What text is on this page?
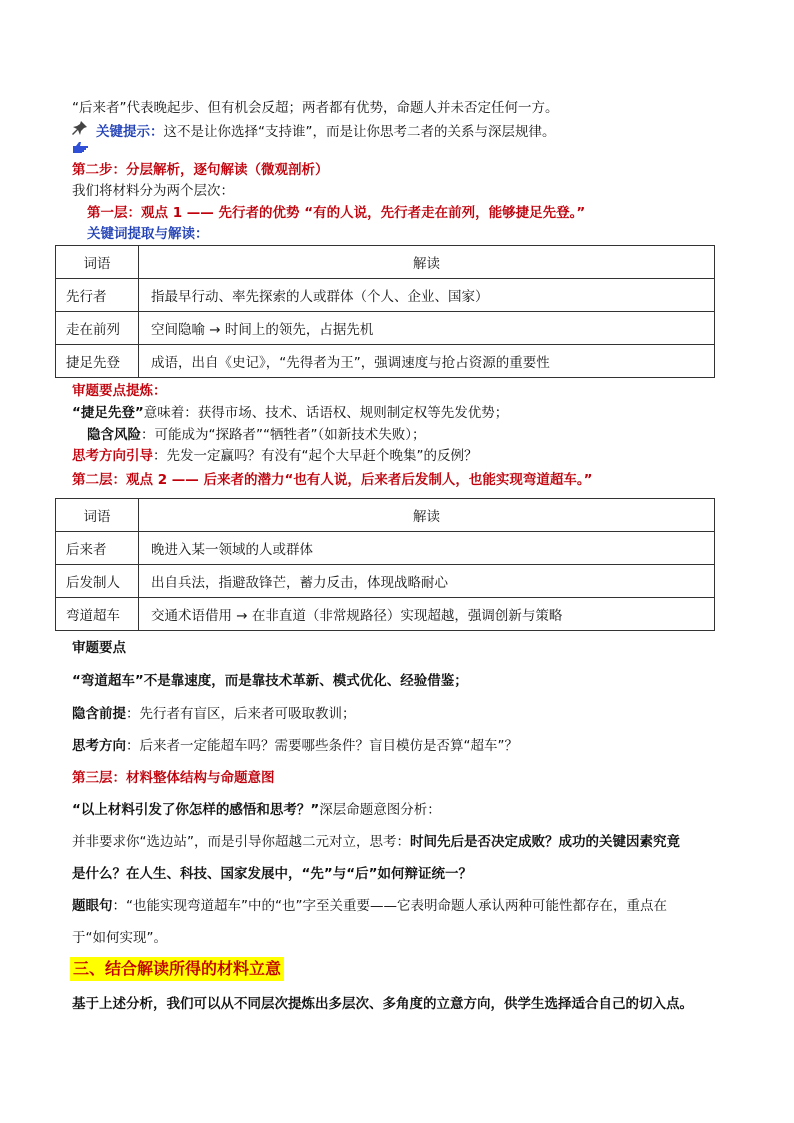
“后来者”代表晚起步、但有机会反超；两者都有优势，命题人并未否定任何一方。
关键提示：这不是让你选择“支持谁”，而是让你思考二者的关系与深层规律。
第二步：分层解析，逐句解读（微观剖析）
我们将材料分为两个层次：
第一层：观点 1 —— 先行者的优势 “有的人说，先行者走在前列，能够捷足先登。”
关键词提取与解读：
词语	解读
先行者	指最早行动、率先探索的人或群体（个人、企业、国家）
走在前列	空间隐喻 → 时间上的领先，占据先机
捷足先登	成语，出自《史记》，“先得者为王”，强调速度与抢占资源的重要性
审题要点提炼：
“捷足先登”意味着：获得市场、技术、话语权、规则制定权等先发优势；
隐含风险：可能成为“探路者”“牺牲者”（如新技术失败）；
思考方向引导：先发一定赢吗？有没有“起个大早赶个晚集”的反例？
第二层：观点 2 —— 后来者的潜力“也有人说，后来者后发制人，也能实现弯道超车。”
词语	解读
后来者	晚进入某一领域的人或群体
后发制人	出自兵法，指避敌锋芒，蓄力反击，体现战略耐心
弯道超车	交通术语借用 → 在非直道（非常规路径）实现超越，强调创新与策略
审题要点
“弯道超车”不是靠速度，而是靠技术革新、模式优化、经验借鉴；
隐含前提：先行者有盲区，后来者可吸取教训；
思考方向：后来者一定能超车吗？需要哪些条件？盲目模仿是否算“超车”？
第三层：材料整体结构与命题意图
“以上材料引发了你怎样的感悟和思考？”深层命题意图分析：
并非要求你“选边站”，而是引导你超越二元对立，思考：时间先后是否决定成败？成功的关键因素究竟
是什么？在人生、科技、国家发展中，“先”与“后”如何辩证统一？
题眼句：“也能实现弯道超车”中的“也”字至关重要——它表明命题人承认两种可能性都存在，重点在
于“如何实现”。
三、结合解读所得的材料立意
基于上述分析，我们可以从不同层次提炼出多层次、多角度的立意方向，供学生选择适合自己的切入点。
